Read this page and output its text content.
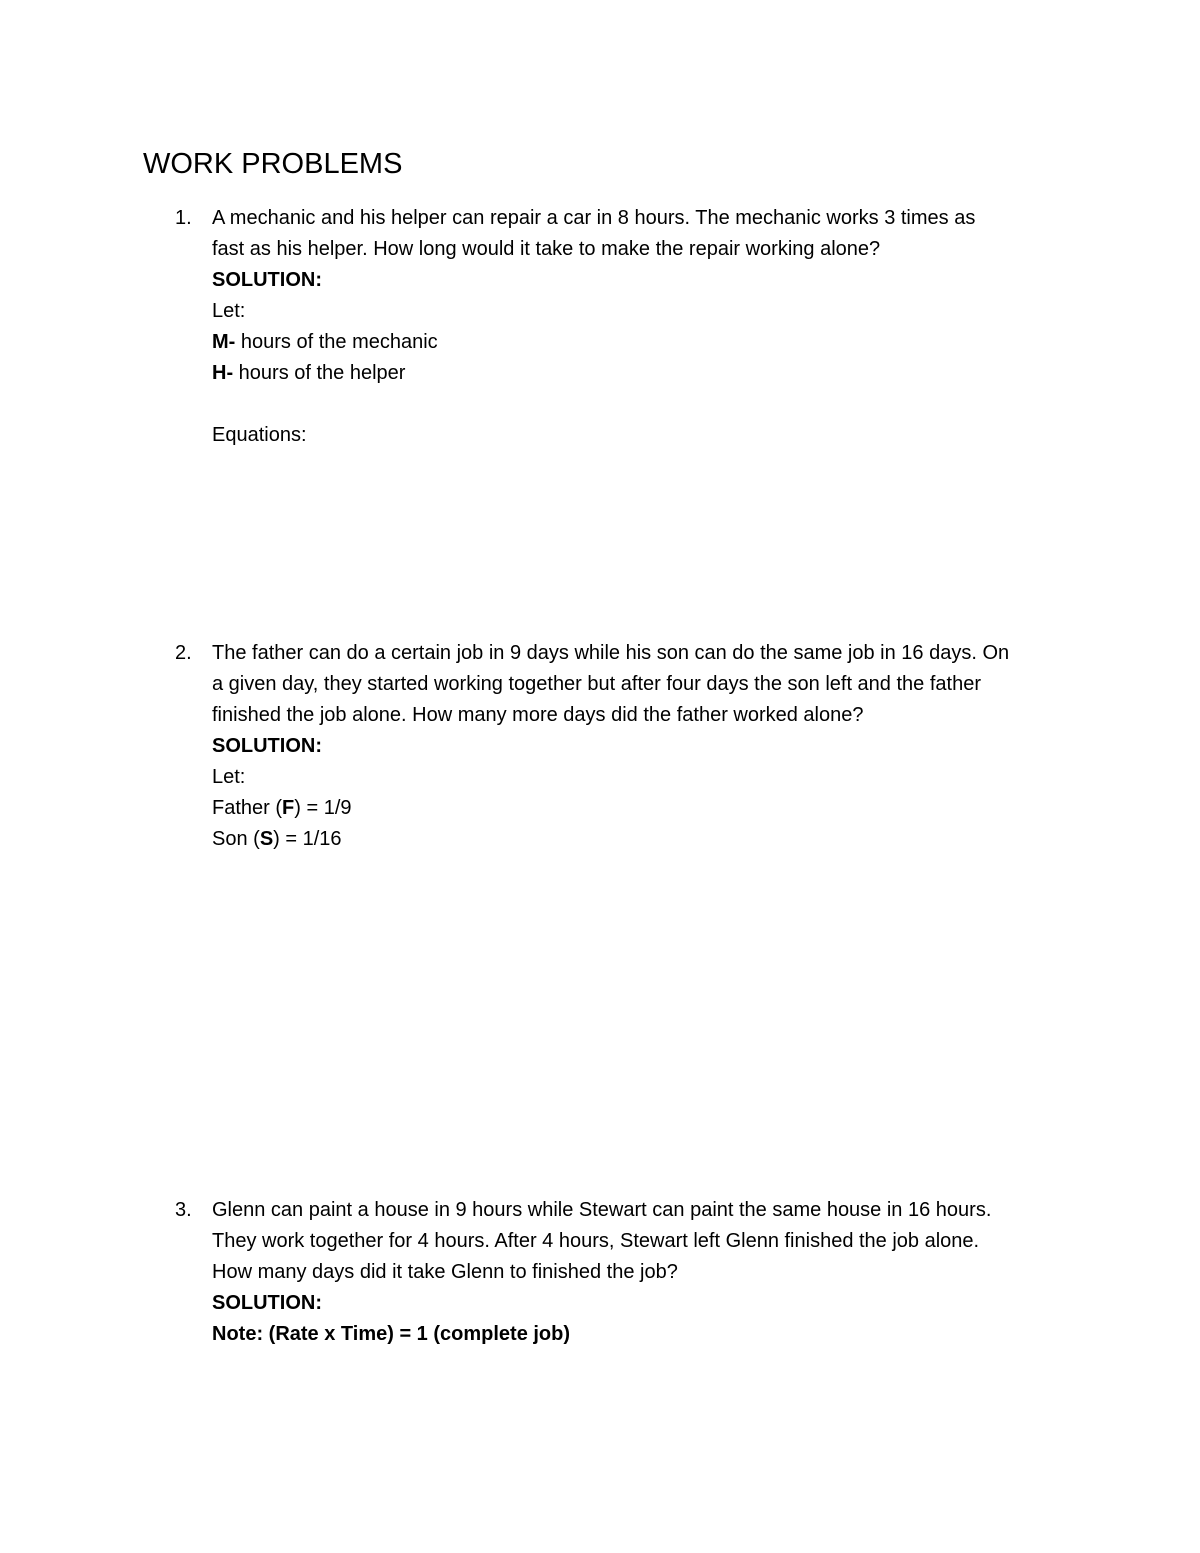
WORK PROBLEMS
1. A mechanic and his helper can repair a car in 8 hours. The mechanic works 3 times as
fast as his helper. How long would it take to make the repair working alone?
SOLUTION:
Let:
M- hours of the mechanic
H- hours of the helper
Equations:
2. The father can do a certain job in 9 days while his son can do the same job in 16 days. On
a given day, they started working together but after four days the son left and the father
finished the job alone. How many more days did the father worked alone?
SOLUTION:
Let:
Father (F) = 1/9
Son (S) = 1/16
3. Glenn can paint a house in 9 hours while Stewart can paint the same house in 16 hours.
They work together for 4 hours. After 4 hours, Stewart left Glenn finished the job alone.
How many days did it take Glenn to finished the job?
SOLUTION:
Note: (Rate x Time) = 1 (complete job)
